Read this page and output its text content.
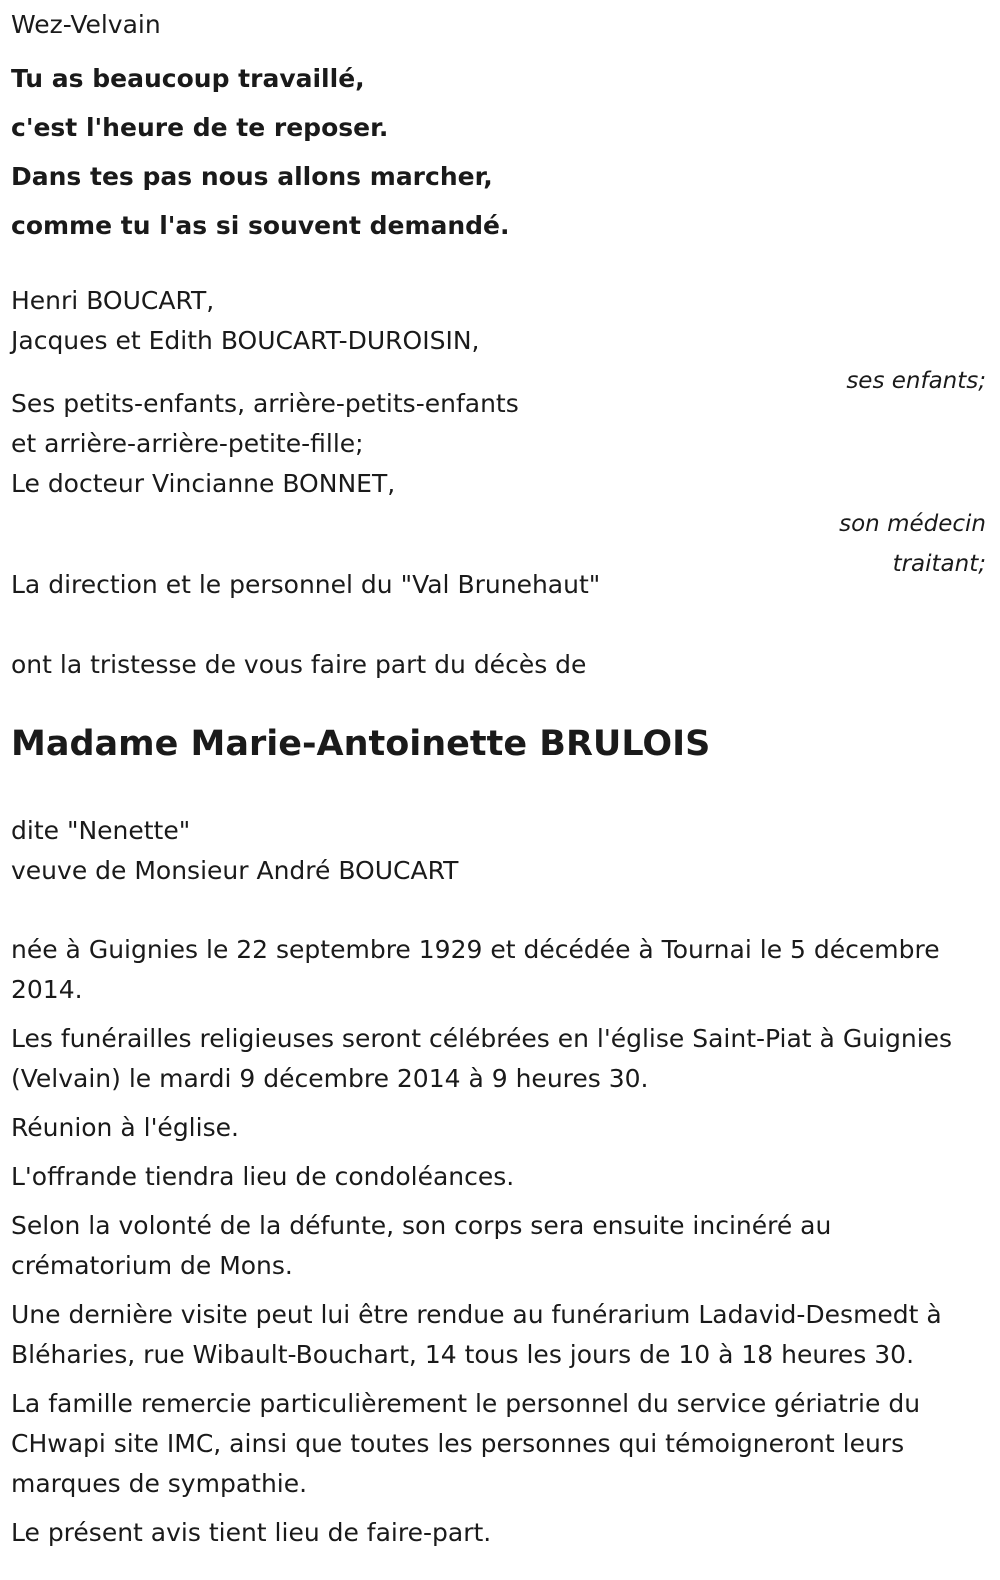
Wez-Velvain

Tu as beaucoup travaillé,

c'est l'heure de te reposer.

Dans tes pas nous allons marcher,

comme tu l'as si souvent demandé.

Henri BOUCART,

Jacques et Edith BOUCART-DUROISIN,

ses enfants;

Ses petits-enfants, arrière-petits-enfants

et arrière-arrière-petite-fille;

Le docteur Vincianne BONNET,

son médecin

traitant;

La direction et le personnel du "Val Brunehaut"

ont la tristesse de vous faire part du décès de

Madame Marie-Antoinette BRULOIS

dite "Nenette"

veuve de Monsieur André BOUCART

née à Guignies le 22 septembre 1929 et décédée à Tournai le 5 décembre 2014.

Les funérailles religieuses seront célébrées en l'église Saint-Piat à Guignies (Velvain) le mardi 9 décembre 2014 à 9 heures 30.

Réunion à l'église.

L'offrande tiendra lieu de condoléances.

Selon la volonté de la défunte, son corps sera ensuite incinéré au crématorium de Mons.

Une dernière visite peut lui être rendue au funérarium Ladavid-Desmedt à Bléharies, rue Wibault-Bouchart, 14 tous les jours de 10 à 18 heures 30.

La famille remercie particulièrement le personnel du service gériatrie du CHwapi site IMC, ainsi que toutes les personnes qui témoigneront leurs marques de sympathie.

Le présent avis tient lieu de faire-part.
